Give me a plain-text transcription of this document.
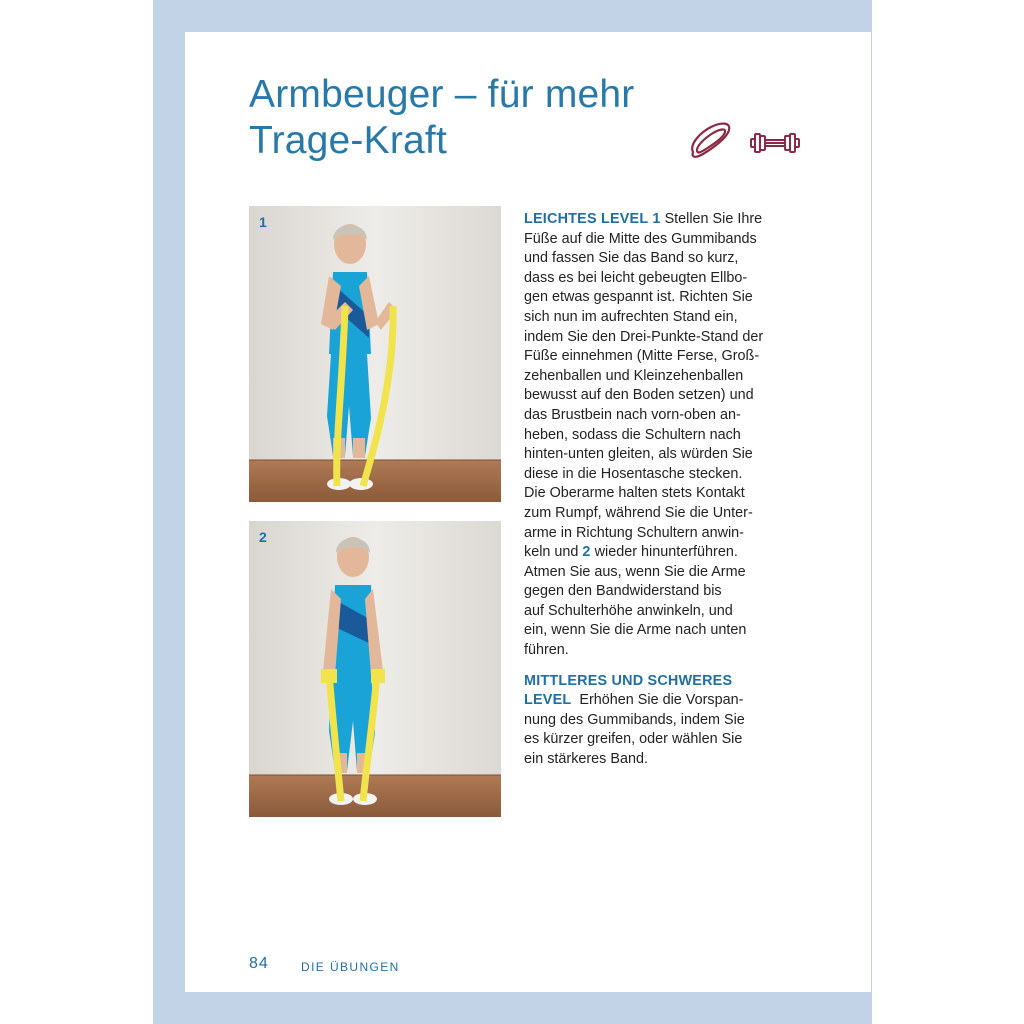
Armbeuger – für mehr
Trage-Kraft
1
2

LEICHTES LEVEL 1 Stellen Sie Ihre
Füße auf die Mitte des Gummibands
und fassen Sie das Band so kurz,
dass es bei leicht gebeugten Ellbo-
gen etwas gespannt ist. Richten Sie
sich nun im aufrechten Stand ein,
indem Sie den Drei-Punkte-Stand der
Füße einnehmen (Mitte Ferse, Groß-
zehenballen und Kleinzehenballen
bewusst auf den Boden setzen) und
das Brustbein nach vorn-oben an-
heben, sodass die Schultern nach
hinten-unten gleiten, als würden Sie
diese in die Hosentasche stecken.
Die Oberarme halten stets Kontakt
zum Rumpf, während Sie die Unter-
arme in Richtung Schultern anwin-
keln und 2 wieder hinunterführen.
Atmen Sie aus, wenn Sie die Arme
gegen den Bandwiderstand bis
auf Schulterhöhe anwinkeln, und
ein, wenn Sie die Arme nach unten
führen.

MITTLERES UND SCHWERES
LEVEL Erhöhen Sie die Vorspan-
nung des Gummibands, indem Sie
es kürzer greifen, oder wählen Sie
ein stärkeres Band.

84	DIE ÜBUNGEN
